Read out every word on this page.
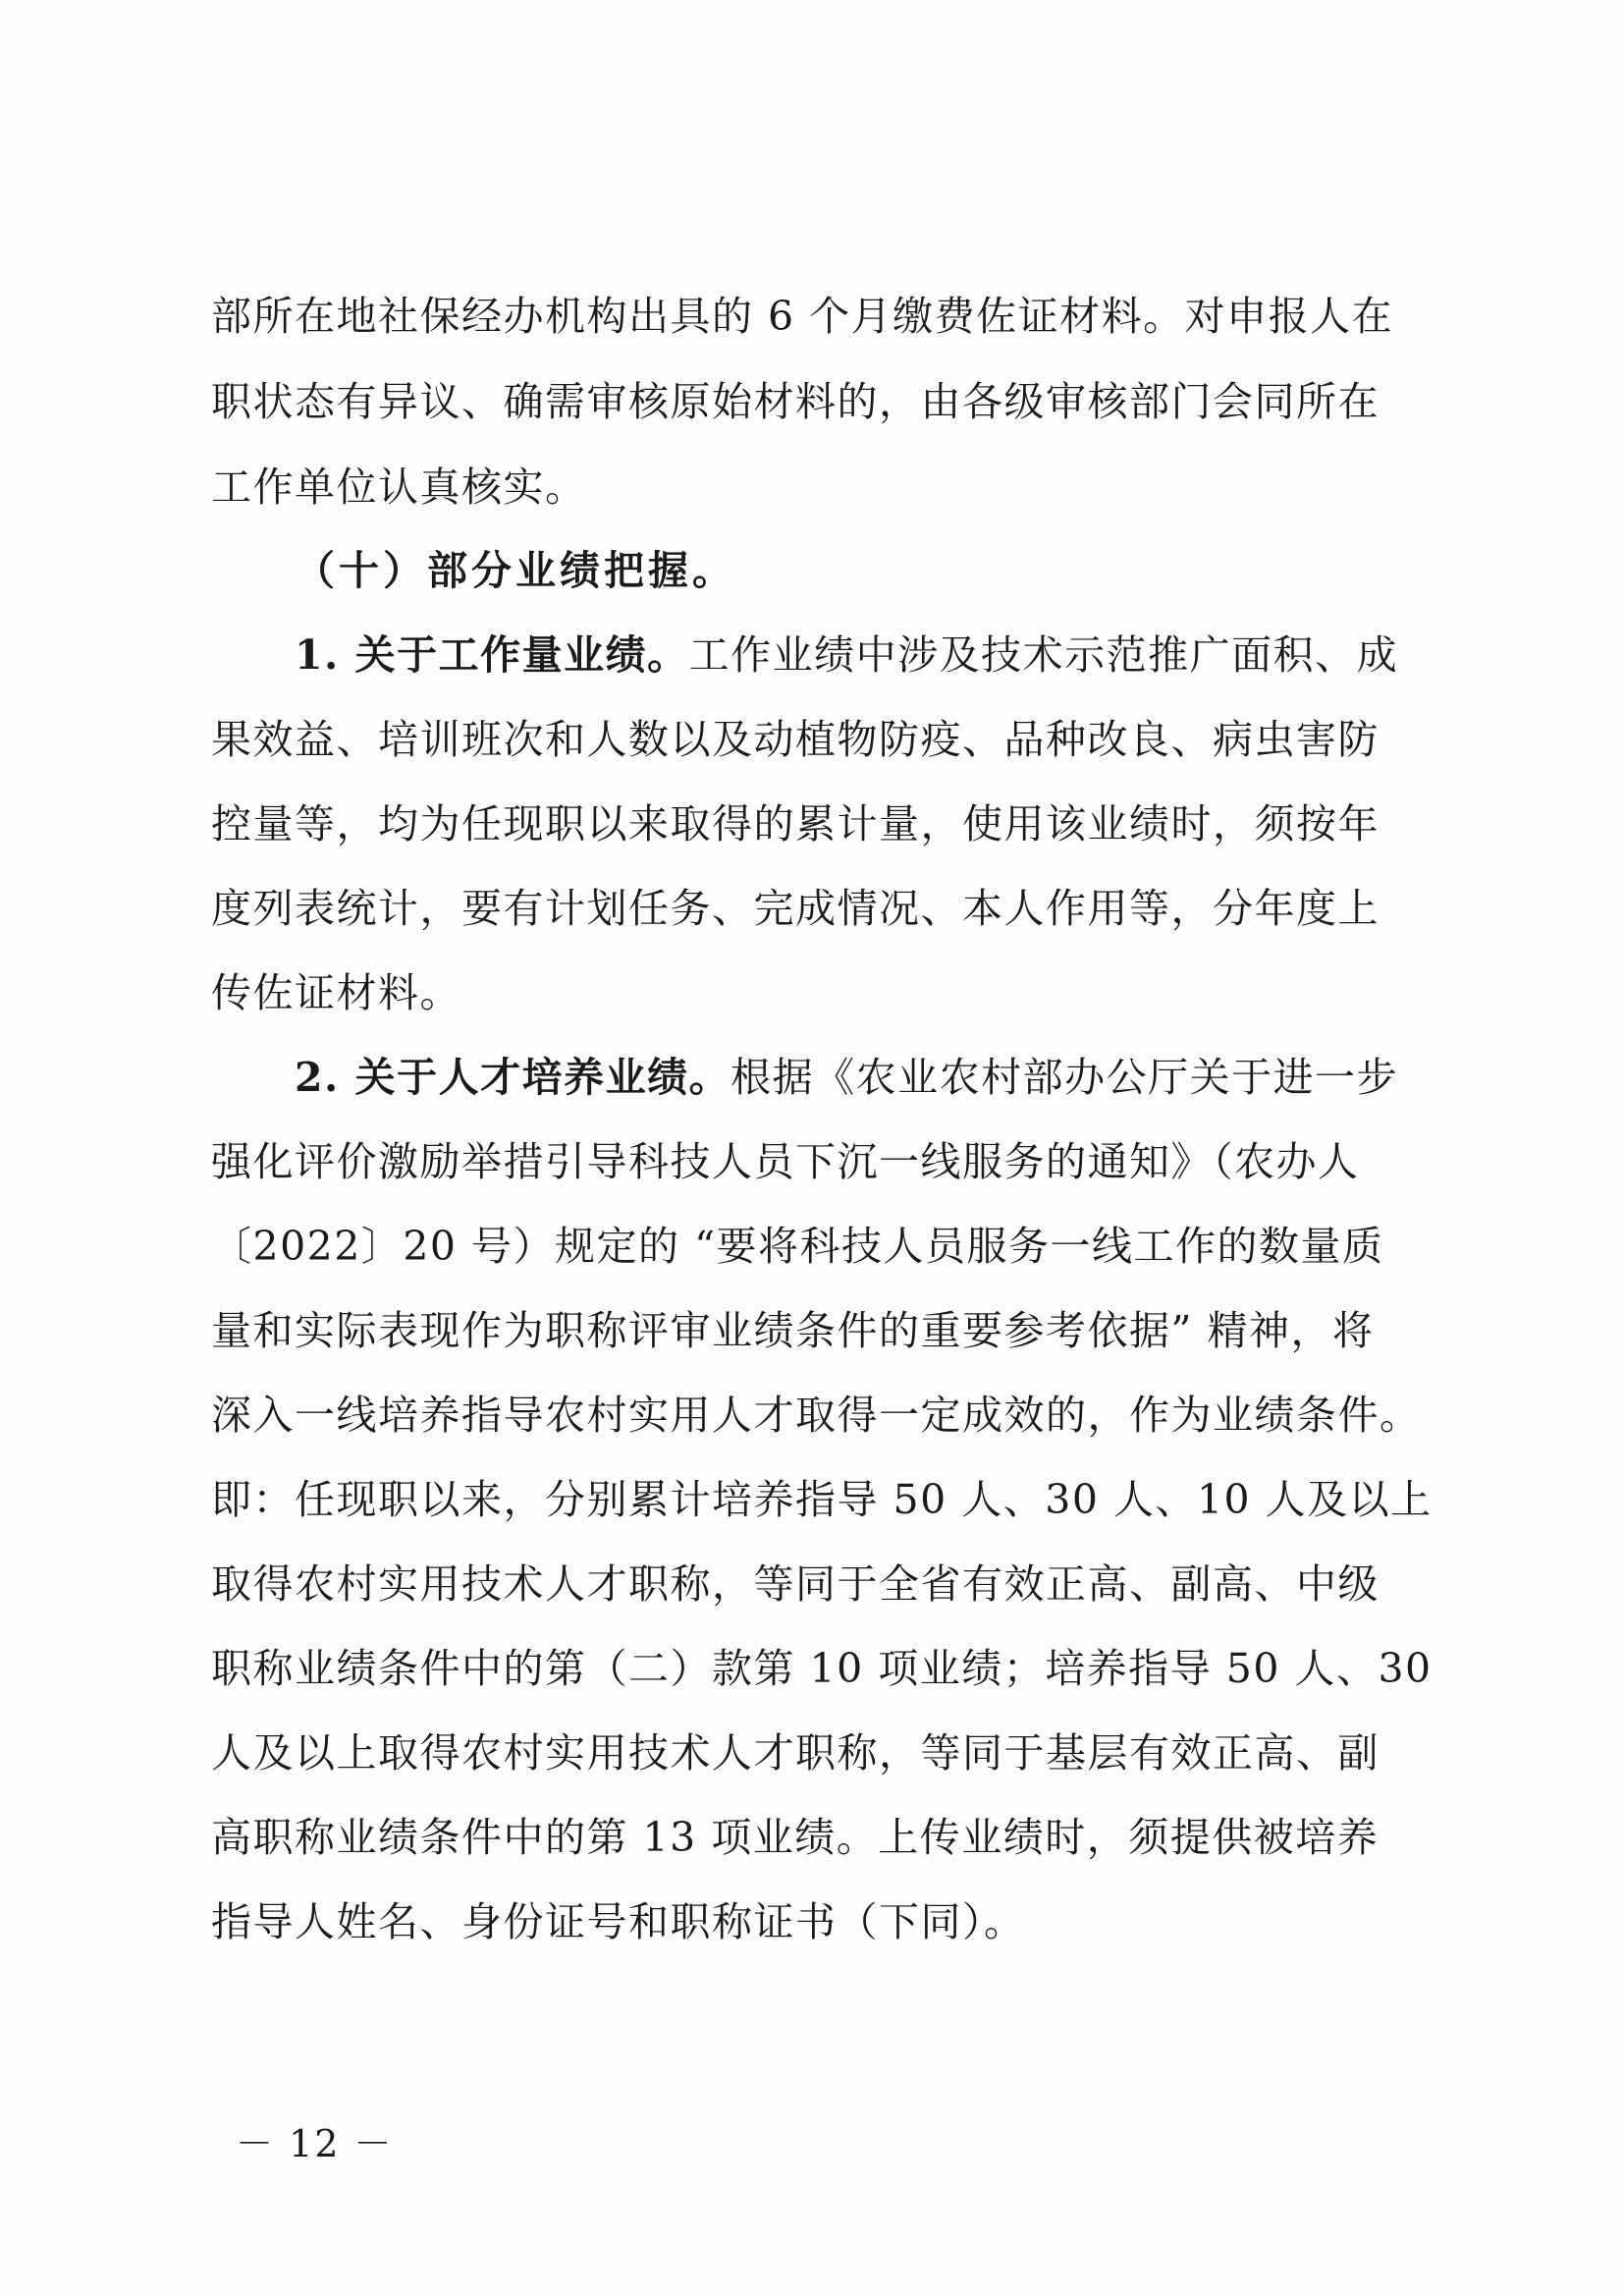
部所在地社保经办机构出具的 6 个月缴费佐证材料。对申报人在
职状态有异议、确需审核原始材料的，由各级审核部门会同所在
工作单位认真核实。
（十）部分业绩把握。
1. 关于工作量业绩。工作业绩中涉及技术示范推广面积、成
果效益、培训班次和人数以及动植物防疫、品种改良、病虫害防
控量等，均为任现职以来取得的累计量，使用该业绩时，须按年
度列表统计，要有计划任务、完成情况、本人作用等，分年度上
传佐证材料。
2. 关于人才培养业绩。根据《农业农村部办公厅关于进一步
强化评价激励举措引导科技人员下沉一线服务的通知》（农办人
〔2022〕20 号）规定的 “要将科技人员服务一线工作的数量质
量和实际表现作为职称评审业绩条件的重要参考依据” 精神，将
深入一线培养指导农村实用人才取得一定成效的，作为业绩条件。
即：任现职以来，分别累计培养指导 50 人、30 人、10 人及以上
取得农村实用技术人才职称，等同于全省有效正高、副高、中级
职称业绩条件中的第（二）款第 10 项业绩；培养指导 50 人、30
人及以上取得农村实用技术人才职称，等同于基层有效正高、副
高职称业绩条件中的第 13 项业绩。上传业绩时，须提供被培养
指导人姓名、身份证号和职称证书（下同）。
－ 12 －
